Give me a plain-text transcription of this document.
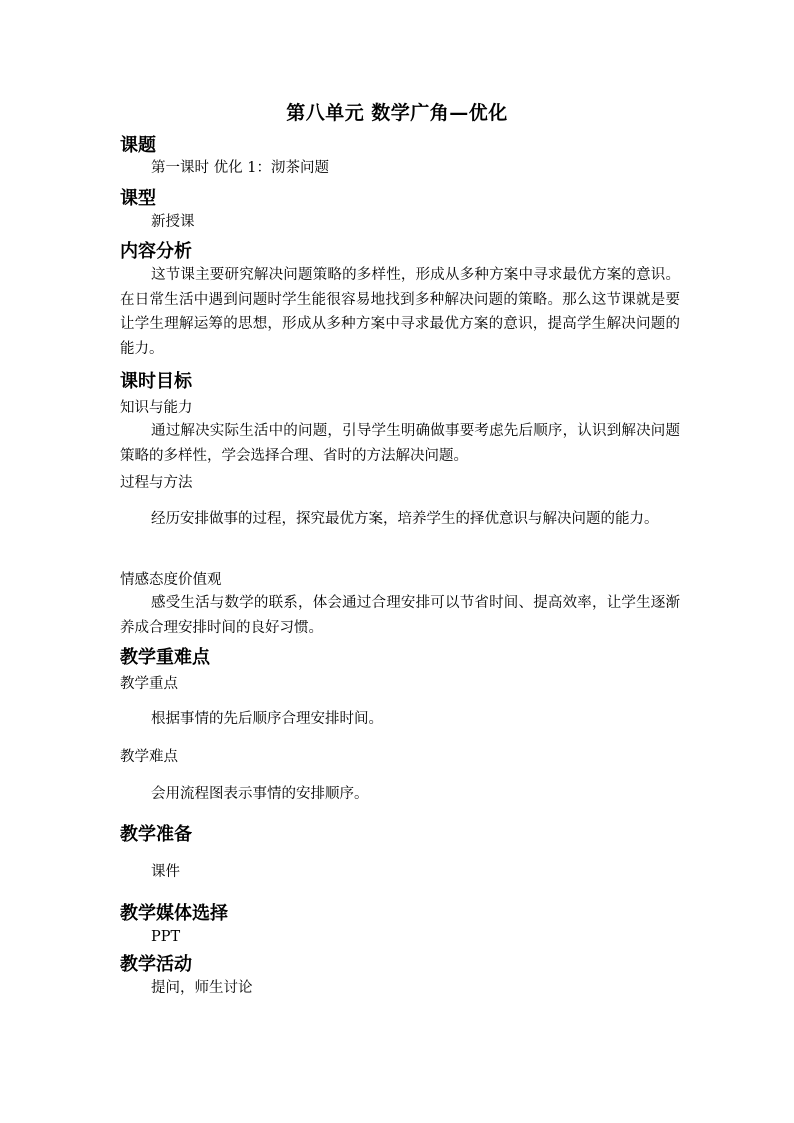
第八单元 数学广角—优化
课题
第一课时 优化 1：沏茶问题
课型
新授课
内容分析
这节课主要研究解决问题策略的多样性，形成从多种方案中寻求最优方案的意识。在日常生活中遇到问题时学生能很容易地找到多种解决问题的策略。那么这节课就是要让学生理解运筹的思想，形成从多种方案中寻求最优方案的意识，提高学生解决问题的能力。
课时目标
知识与能力
通过解决实际生活中的问题，引导学生明确做事要考虑先后顺序，认识到解决问题策略的多样性，学会选择合理、省时的方法解决问题。
过程与方法
经历安排做事的过程，探究最优方案，培养学生的择优意识与解决问题的能力。
情感态度价值观
感受生活与数学的联系，体会通过合理安排可以节省时间、提高效率，让学生逐渐养成合理安排时间的良好习惯。
教学重难点
教学重点
根据事情的先后顺序合理安排时间。
教学难点
会用流程图表示事情的安排顺序。
教学准备
课件
教学媒体选择
PPT
教学活动
提问，师生讨论
